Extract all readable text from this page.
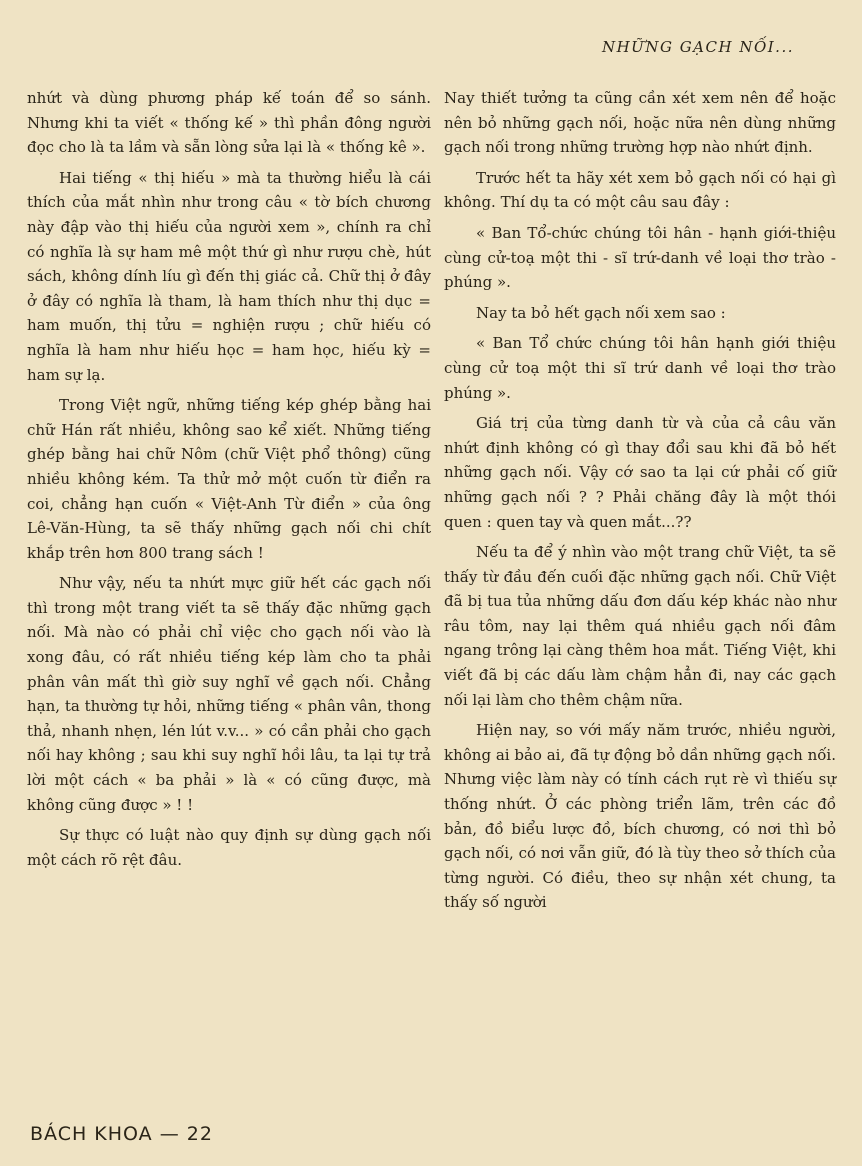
NHỮNG GẠCH NỐI...

nhứt và dùng phương pháp kế toán để so sánh. Nhưng khi ta viết « thống kế » thì phần đông người đọc cho là ta lầm và sẵn lòng sửa lại là « thống kê ».

Hai tiếng « thị hiếu » mà ta thường hiểu là cái thích của mắt nhìn như trong câu « tờ bích chương này đập vào thị hiếu của người xem », chính ra chỉ có nghĩa là sự ham mê một thứ gì như rượu chè, hút sách, không dính líu gì đến thị giác cả. Chữ thị ở đây ở đây có nghĩa là tham, là ham thích như thị dục = ham muốn, thị tửu = nghiện rượu ; chữ hiếu có nghĩa là ham như hiếu học = ham học, hiếu kỳ = ham sự lạ.

Trong Việt ngữ, những tiếng kép ghép bằng hai chữ Hán rất nhiều, không sao kể xiết. Những tiếng ghép bằng hai chữ Nôm (chữ Việt phổ thông) cũng nhiều không kém. Ta thử mở một cuốn từ điển ra coi, chẳng hạn cuốn « Việt-Anh Từ điển » của ông Lê-Văn-Hùng, ta sẽ thấy những gạch nối chi chít khắp trên hơn 800 trang sách !

Như vậy, nếu ta nhứt mực giữ hết các gạch nối thì trong một trang viết ta sẽ thấy đặc những gạch nối. Mà nào có phải chỉ việc cho gạch nối vào là xong đâu, có rất nhiều tiếng kép làm cho ta phải phân vân mất thì giờ suy nghĩ về gạch nối. Chẳng hạn, ta thường tự hỏi, những tiếng « phân vân, thong thả, nhanh nhẹn, lén lút v.v... » có cần phải cho gạch nối hay không ; sau khi suy nghĩ hồi lâu, ta lại tự trả lời một cách « ba phải » là « có cũng được, mà không cũng được » ! !

Sự thực có luật nào quy định sự dùng gạch nối một cách rõ rệt đâu.

Nay thiết tưởng ta cũng cần xét xem nên để hoặc nên bỏ những gạch nối, hoặc nữa nên dùng những gạch nối trong những trường hợp nào nhứt định.

Trước hết ta hãy xét xem bỏ gạch nối có hại gì không. Thí dụ ta có một câu sau đây :

« Ban Tổ-chức chúng tôi hân - hạnh giới-thiệu cùng cử-toạ một thi - sĩ trứ-danh về loại thơ trào - phúng ».

Nay ta bỏ hết gạch nối xem sao :

« Ban Tổ chức chúng tôi hân hạnh giới thiệu cùng cử toạ một thi sĩ trứ danh về loại thơ trào phúng ».

Giá trị của từng danh từ và của cả câu văn nhứt định không có gì thay đổi sau khi đã bỏ hết những gạch nối. Vậy cớ sao ta lại cứ phải cố giữ những gạch nối ? ? Phải chăng đây là một thói quen : quen tay và quen mắt...??

Nếu ta để ý nhìn vào một trang chữ Việt, ta sẽ thấy từ đầu đến cuối đặc những gạch nối. Chữ Việt đã bị tua tủa những dấu đơn dấu kép khác nào như râu tôm, nay lại thêm quá nhiều gạch nối đâm ngang trông lại càng thêm hoa mắt. Tiếng Việt, khi viết đã bị các dấu làm chậm hẳn đi, nay các gạch nối lại làm cho thêm chậm nữa.

Hiện nay, so với mấy năm trước, nhiều người, không ai bảo ai, đã tự động bỏ dần những gạch nối. Nhưng việc làm này có tính cách rụt rè vì thiếu sự thống nhứt. Ở các phòng triển lãm, trên các đồ bản, đồ biểu lược đồ, bích chương, có nơi thì bỏ gạch nối, có nơi vẫn giữ, đó là tùy theo sở thích của từng người. Có điều, theo sự nhận xét chung, ta thấy số người

BÁCH KHOA — 22
